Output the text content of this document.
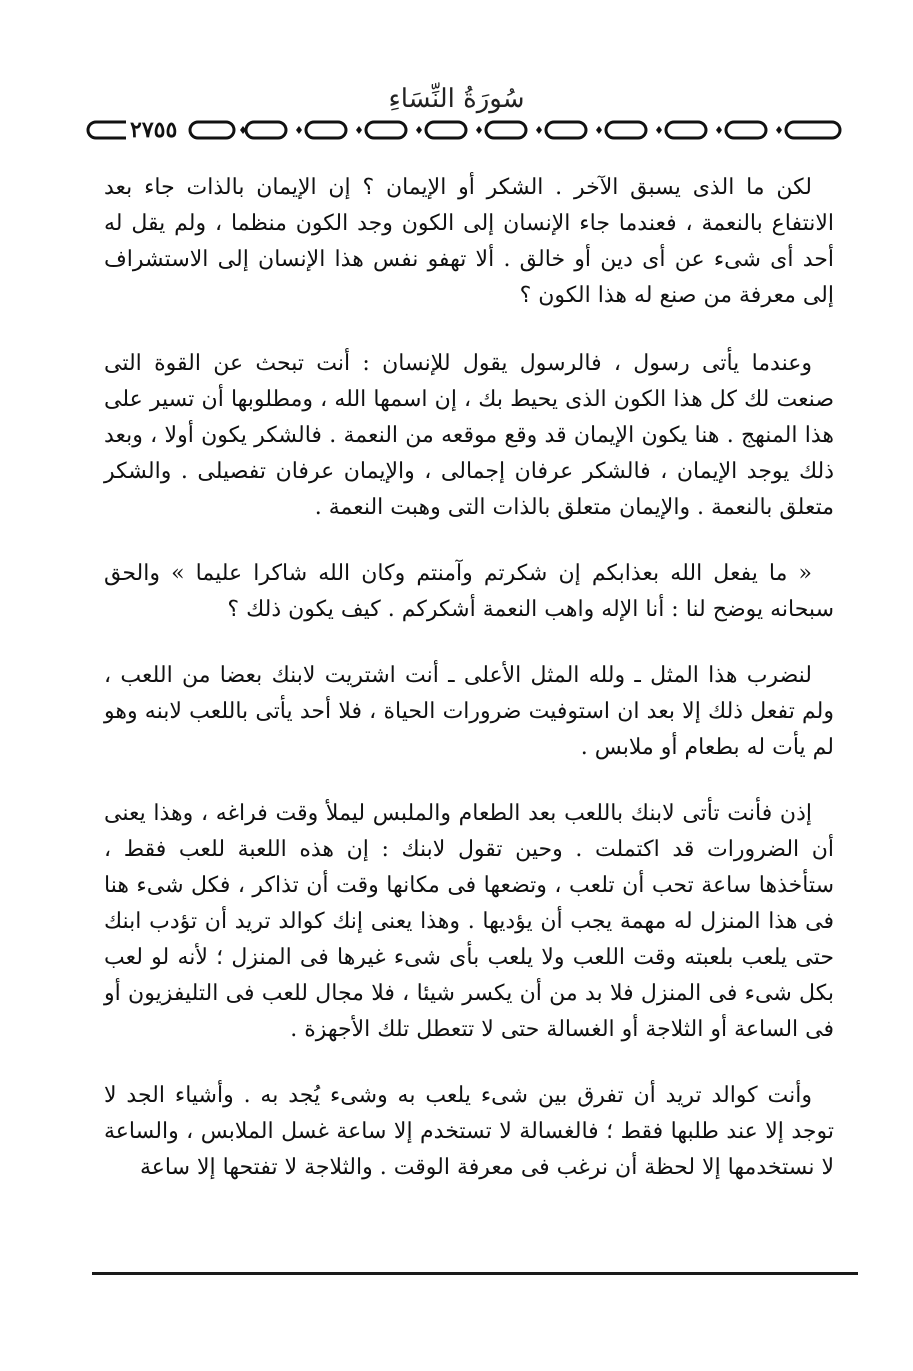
سُورَةُ النِّسَاءِ
٢٧٥٥

لكن ما الذى يسبق الآخر . الشكر أو الإيمان ؟ إن الإيمان بالذات جاء بعد الانتفاع بالنعمة ، فعندما جاء الإنسان إلى الكون وجد الكون منظما ، ولم يقل له أحد أى شىء عن أى دين أو خالق . ألا تهفو نفس هذا الإنسان إلى الاستشراف إلى معرفة من صنع له هذا الكون ؟

وعندما يأتى رسول ، فالرسول يقول للإنسان : أنت تبحث عن القوة التى صنعت لك كل هذا الكون الذى يحيط بك ، إن اسمها الله ، ومطلوبها أن تسير على هذا المنهج . هنا يكون الإيمان قد وقع موقعه من النعمة . فالشكر يكون أولا ، وبعد ذلك يوجد الإيمان ، فالشكر عرفان إجمالى ، والإيمان عرفان تفصيلى . والشكر متعلق بالنعمة . والإيمان متعلق بالذات التى وهبت النعمة .

« ما يفعل الله بعذابكم إن شكرتم وآمنتم وكان الله شاكرا عليما » والحق سبحانه يوضح لنا : أنا الإله واهب النعمة أشكركم . كيف يكون ذلك ؟

لنضرب هذا المثل ـ ولله المثل الأعلى ـ أنت اشتريت لابنك بعضا من اللعب ، ولم تفعل ذلك إلا بعد ان استوفيت ضرورات الحياة ، فلا أحد يأتى باللعب لابنه وهو لم يأت له بطعام أو ملابس .

إذن فأنت تأتى لابنك باللعب بعد الطعام والملبس ليملأ وقت فراغه ، وهذا يعنى أن الضرورات قد اكتملت . وحين تقول لابنك : إن هذه اللعبة للعب فقط ، ستأخذها ساعة تحب أن تلعب ، وتضعها فى مكانها وقت أن تذاكر ، فكل شىء هنا فى هذا المنزل له مهمة يجب أن يؤديها . وهذا يعنى إنك كوالد تريد أن تؤدب ابنك حتى يلعب بلعبته وقت اللعب ولا يلعب بأى شىء غيرها فى المنزل ؛ لأنه لو لعب بكل شىء فى المنزل فلا بد من أن يكسر شيئا ، فلا مجال للعب فى التليفزيون أو فى الساعة أو الثلاجة أو الغسالة حتى لا تتعطل تلك الأجهزة .

وأنت كوالد تريد أن تفرق بين شىء يلعب به وشىء يُجد به . وأشياء الجد لا توجد إلا عند طلبها فقط ؛ فالغسالة لا تستخدم إلا ساعة غسل الملابس ، والساعة لا نستخدمها إلا لحظة أن نرغب فى معرفة الوقت . والثلاجة لا تفتحها إلا ساعة
